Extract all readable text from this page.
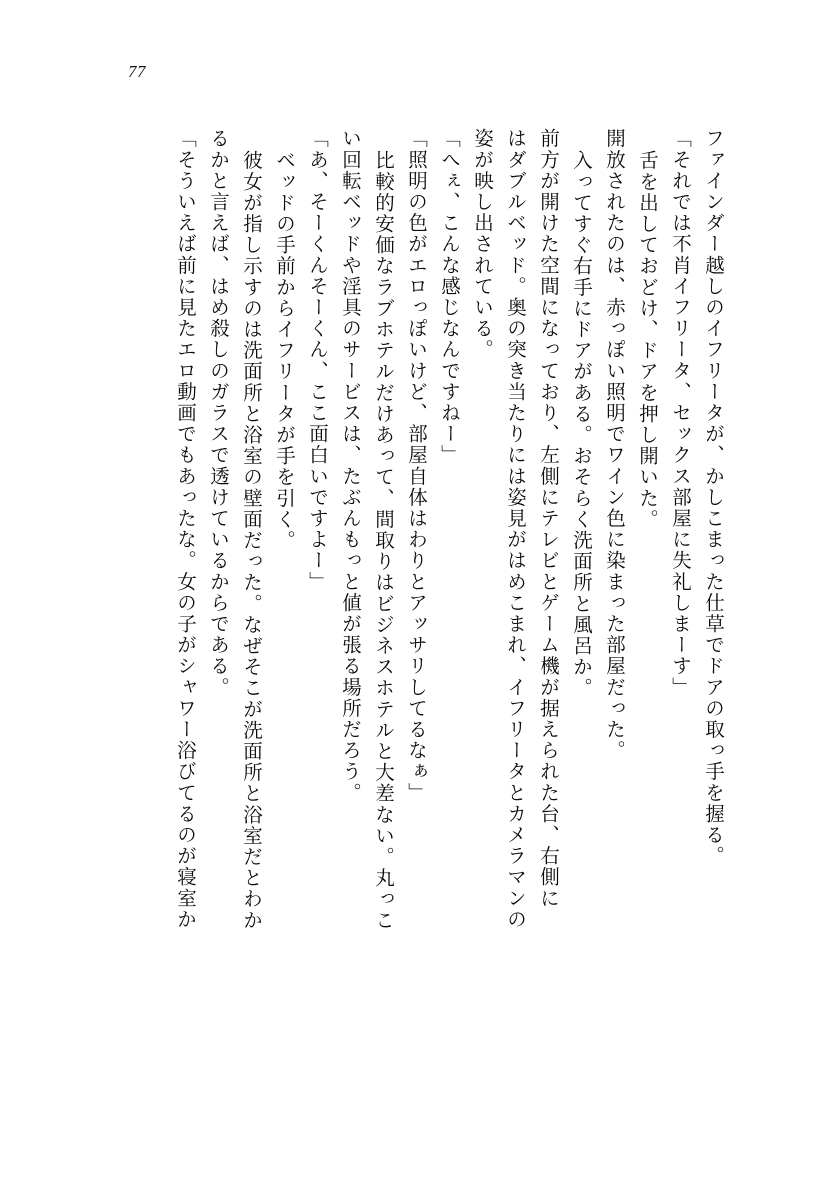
77
ファインダー越しのイフリータが、かしこまった仕草でドアの取っ手を握る。
「それでは不肖イフリータ、セックス部屋に失礼しまーす」
舌を出しておどけ、ドアを押し開いた。
開放されたのは、赤っぽい照明でワイン色に染まった部屋だった。
入ってすぐ右手にドアがある。おそらく洗面所と風呂か。
前方が開けた空間になっており、左側にテレビとゲーム機が据えられた台、右側に
はダブルベッド。奥の突き当たりには姿見がはめこまれ、イフリータとカメラマンの
姿が映し出されている。
「へぇ、こんな感じなんですねー」
「照明の色がエロっぽいけど、部屋自体はわりとアッサリしてるなぁ」
比較的安価なラブホテルだけあって、間取りはビジネスホテルと大差ない。丸っこ
い回転ベッドや淫具のサービスは、たぶんもっと値が張る場所だろう。
「あ、そーくんそーくん、ここ面白いですよー」
ベッドの手前からイフリータが手を引く。
彼女が指し示すのは洗面所と浴室の壁面だった。なぜそこが洗面所と浴室だとわか
るかと言えば、はめ殺しのガラスで透けているからである。
「そういえば前に見たエロ動画でもあったな。女の子がシャワー浴びてるのが寝室か
